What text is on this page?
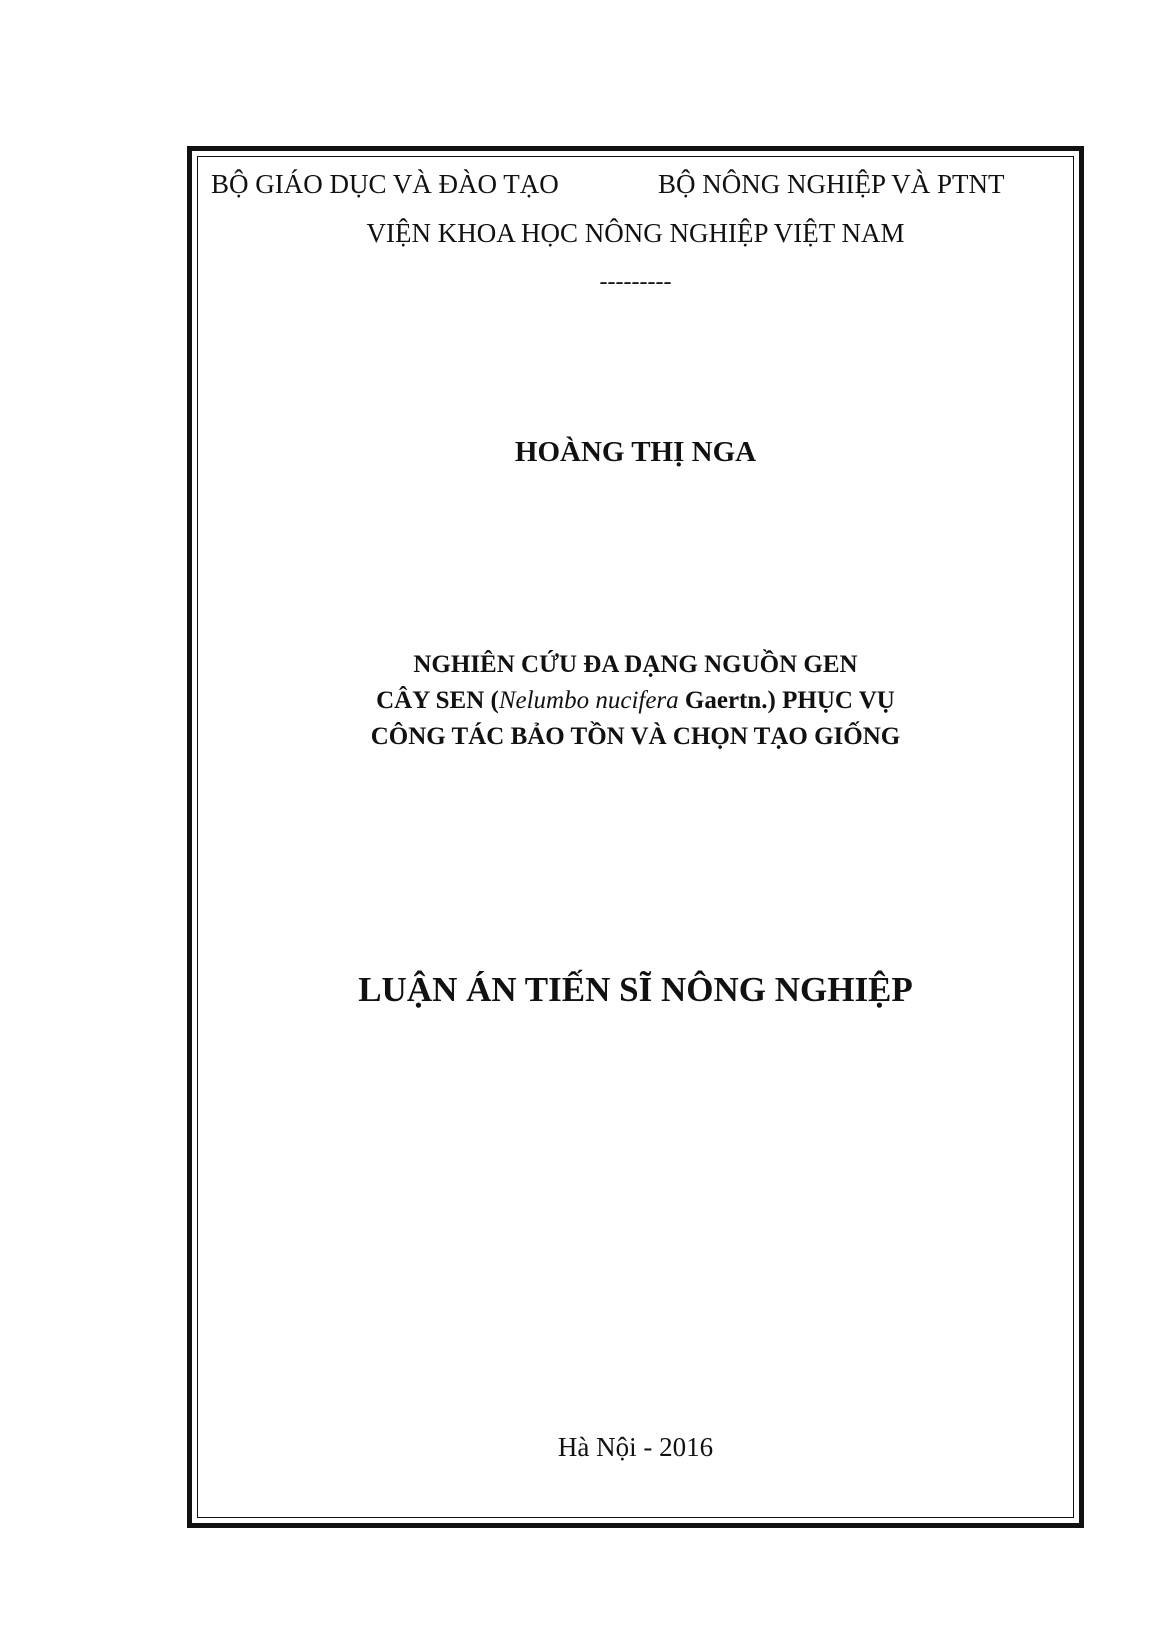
BỘ GIÁO DỤC VÀ ĐÀO TẠO	BỘ NÔNG NGHIỆP VÀ PTNT
VIỆN KHOA HỌC NÔNG NGHIỆP VIỆT NAM
---------
HOÀNG THỊ NGA
NGHIÊN CỨU ĐA DẠNG NGUỒN GEN
CÂY SEN (Nelumbo nucifera Gaertn.) PHỤC VỤ
CÔNG TÁC BẢO TỒN VÀ CHỌN TẠO GIỐNG
LUẬN ÁN TIẾN SĨ NÔNG NGHIỆP
Hà Nội - 2016
